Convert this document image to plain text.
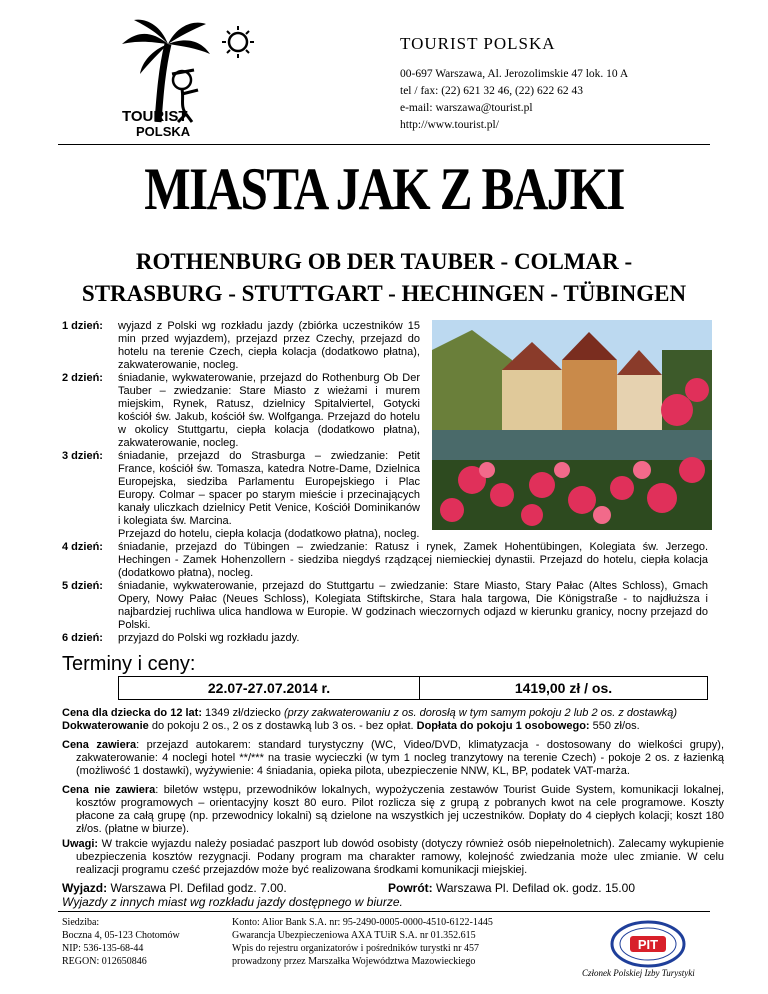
TOURIST
POLSKA
TOURIST POLSKA
00-697 Warszawa, Al. Jerozolimskie 47 lok. 10 A
tel / fax: (22) 621 32 46, (22) 622 62 43
e-mail: warszawa@tourist.pl
http://www.tourist.pl/
MIASTA JAK Z BAJKI
ROTHENBURG OB DER TAUBER - COLMAR -
STRASBURG - STUTTGART - HECHINGEN - TÜBINGEN
1 dzień: wyjazd z Polski wg rozkładu jazdy (zbiórka uczestników 15 min przed wyjazdem), przejazd przez Czechy, przejazd do hotelu na terenie Czech, ciepła kolacja (dodatkowo płatna), zakwaterowanie, nocleg.
2 dzień: śniadanie, wykwaterowanie, przejazd do Rothenburg Ob Der Tauber – zwiedzanie: Stare Miasto z wieżami i murem miejskim, Rynek, Ratusz, dzielnicy Spitalviertel, Gotycki kościół św. Jakub, kościół św. Wolfganga. Przejazd do hotelu w okolicy Stuttgartu, ciepła kolacja (dodatkowo płatna), zakwaterowanie, nocleg.
3 dzień: śniadanie, przejazd do Strasburga – zwiedzanie: Petit France, kościół św. Tomasza, katedra Notre-Dame, Dzielnica Europejska, siedziba Parlamentu Europejskiego i Plac Europy. Colmar – spacer po starym mieście i przecinających kanały uliczkach dzielnicy Petit Venice, Kościół Dominikanów i kolegiata św. Marcina.
Przejazd do hotelu, ciepła kolacja (dodatkowo płatna), nocleg.
4 dzień: śniadanie, przejazd do Tübingen – zwiedzanie: Ratusz i rynek, Zamek Hohentübingen, Kolegiata św. Jerzego. Hechingen - Zamek Hohenzollern - siedziba niegdyś rządzącej niemieckiej dynastii. Przejazd do hotelu, ciepła kolacja (dodatkowo płatna), nocleg.
5 dzień: śniadanie, wykwaterowanie, przejazd do Stuttgartu – zwiedzanie: Stare Miasto, Stary Pałac (Altes Schloss), Gmach Opery, Nowy Pałac (Neues Schloss), Kolegiata Stiftskirche, Stara hala targowa, Die Königstraße - to najdłuższa i najbardziej ruchliwa ulica handlowa w Europie. W godzinach wieczornych odjazd w kierunku granicy, nocny przejazd do Polski.
6 dzień: przyjazd do Polski wg rozkładu jazdy.
Terminy i ceny:
22.07-27.07.2014 r.	1419,00 zł / os.
Cena dla dziecka do 12 lat: 1349 zł/dziecko (przy zakwaterowaniu z os. dorosłą w tym samym pokoju 2 lub 2 os. z dostawką)
Dokwaterowanie do pokoju 2 os., 2 os z dostawką lub 3 os. - bez opłat. Dopłata do pokoju 1 osobowego: 550 zł/os.
Cena zawiera: przejazd autokarem: standard turystyczny (WC, Video/DVD, klimatyzacja - dostosowany do wielkości grupy), zakwaterowanie: 4 noclegi hotel **/*** na trasie wycieczki (w tym 1 nocleg tranzytowy na terenie Czech) - pokoje 2 os. z łazienką (możliwość 1 dostawki), wyżywienie: 4 śniadania, opieka pilota, ubezpieczenie NNW, KL, BP, podatek VAT-marża.
Cena nie zawiera: biletów wstępu, przewodników lokalnych, wypożyczenia zestawów Tourist Guide System, komunikacji lokalnej, kosztów programowych – orientacyjny koszt 80 euro. Pilot rozlicza się z grupą z pobranych kwot na cele programowe. Koszty płacone za całą grupę (np. przewodnicy lokalni) są dzielone na wszystkich jej uczestników. Dopłaty do 4 ciepłych kolacji; koszt 180 zł/os. (płatne w biurze).
Uwagi: W trakcie wyjazdu należy posiadać paszport lub dowód osobisty (dotyczy również osób niepełnoletnich). Zalecamy wykupienie ubezpieczenia kosztów rezygnacji. Podany program ma charakter ramowy, kolejność zwiedzania może ulec zmianie. W celu realizacji programu cześć przejazdów może być realizowana środkami komunikacji miejskiej.
Wyjazd: Warszawa Pl. Defilad godz. 7.00.	Powrót: Warszawa Pl. Defilad ok. godz. 15.00
Wyjazdy z innych miast wg rozkładu jazdy dostępnego w biurze.
Siedziba:
Boczna 4, 05-123 Chotomów
NIP: 536-135-68-44
REGON: 012650846
Konto: Alior Bank S.A. nr: 95-2490-0005-0000-4510-6122-1445
Gwarancja Ubezpieczeniowa AXA TUiR S.A. nr 01.352.615
Wpis do rejestru organizatorów i pośredników turystki nr 457
prowadzony przez Marszałka Województwa Mazowieckiego
PIT
Członek Polskiej Izby Turystyki
